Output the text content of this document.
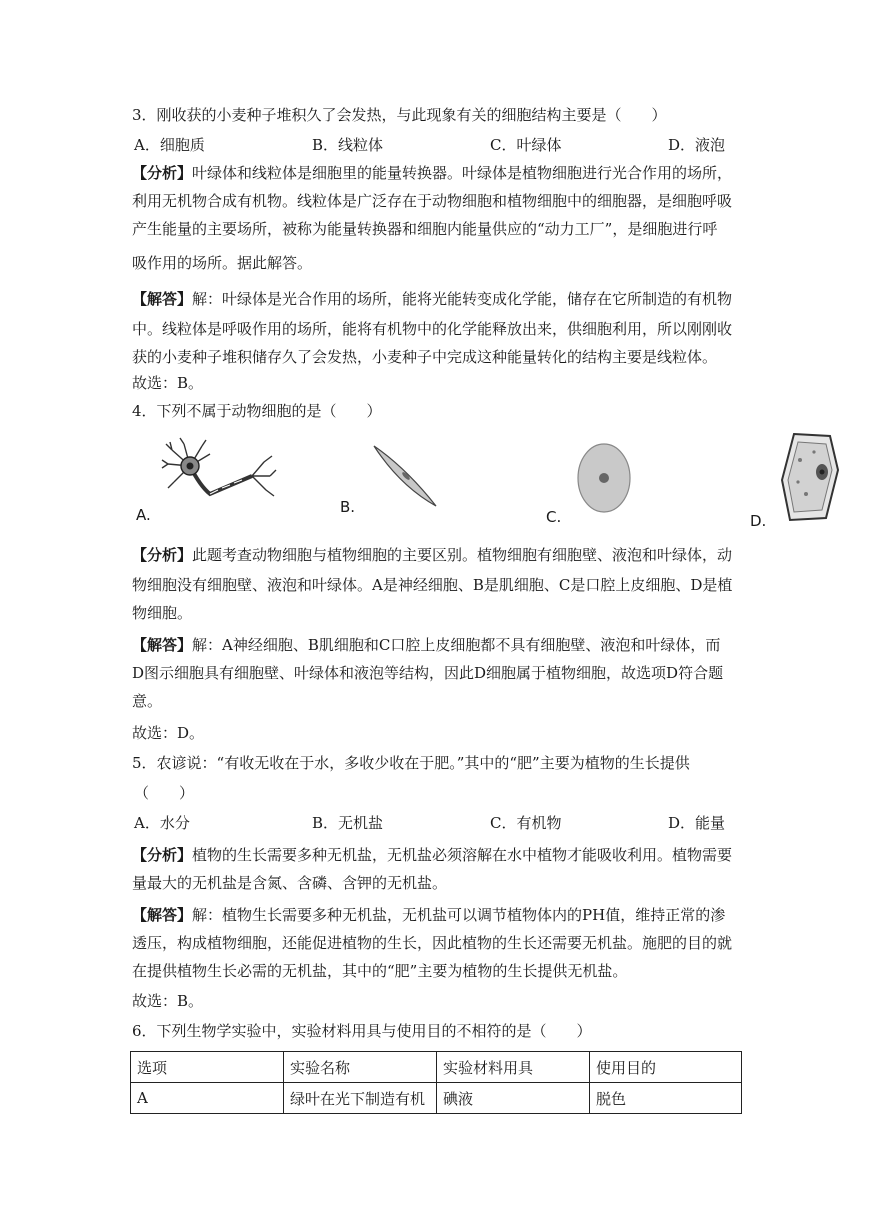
3．刚收获的小麦种子堆积久了会发热，与此现象有关的细胞结构主要是（　　）
A．细胞质	B．线粒体	C．叶绿体	D．液泡
【分析】叶绿体和线粒体是细胞里的能量转换器。叶绿体是植物细胞进行光合作用的场所，
利用无机物合成有机物。线粒体是广泛存在于动物细胞和植物细胞中的细胞器，是细胞呼吸
产生能量的主要场所，被称为能量转换器和细胞内能量供应的“动力工厂”，是细胞进行呼
吸作用的场所。据此解答。
【解答】解：叶绿体是光合作用的场所，能将光能转变成化学能，储存在它所制造的有机物
中。线粒体是呼吸作用的场所，能将有机物中的化学能释放出来，供细胞利用，所以刚刚收
获的小麦种子堆积储存久了会发热，小麦种子中完成这种能量转化的结构主要是线粒体。
故选：B。
4．下列不属于动物细胞的是（　　）
A.	B.
C.	D.
【分析】此题考查动物细胞与植物细胞的主要区别。植物细胞有细胞壁、液泡和叶绿体，动
物细胞没有细胞壁、液泡和叶绿体。A是神经细胞、B是肌细胞、C是口腔上皮细胞、D是植
物细胞。
【解答】解：A神经细胞、B肌细胞和C口腔上皮细胞都不具有细胞壁、液泡和叶绿体，而
D图示细胞具有细胞壁、叶绿体和液泡等结构，因此D细胞属于植物细胞，故选项D符合题
意。
故选：D。
5．农谚说：“有收无收在于水，多收少收在于肥。”其中的“肥”主要为植物的生长提供
（　　）
A．水分	B．无机盐	C．有机物	D．能量
【分析】植物的生长需要多种无机盐，无机盐必须溶解在水中植物才能吸收利用。植物需要
量最大的无机盐是含氮、含磷、含钾的无机盐。
【解答】解：植物生长需要多种无机盐，无机盐可以调节植物体内的PH值，维持正常的渗
透压，构成植物细胞，还能促进植物的生长，因此植物的生长还需要无机盐。施肥的目的就
在提供植物生长必需的无机盐，其中的“肥”主要为植物的生长提供无机盐。
故选：B。
6．下列生物学实验中，实验材料用具与使用目的不相符的是（　　）
选项	实验名称	实验材料用具	使用目的
A	绿叶在光下制造有机	碘液	脱色
